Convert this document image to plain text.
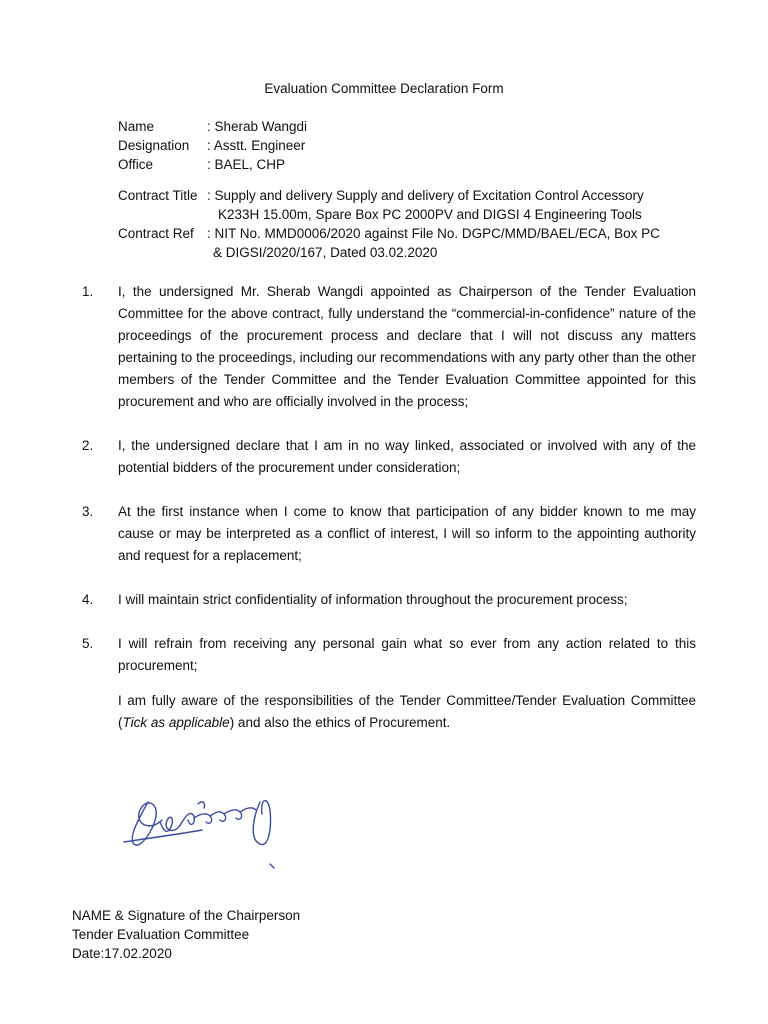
Evaluation Committee Declaration Form
Name	: Sherab Wangdi
Designation	: Asstt. Engineer
Office	: BAEL, CHP
Contract Title : Supply and delivery Supply and delivery of Excitation Control Accessory
K233H 15.00m, Spare Box PC 2000PV and DIGSI 4 Engineering Tools
Contract Ref : NIT No. MMD0006/2020 against File No. DGPC/MMD/BAEL/ECA, Box PC
& DIGSI/2020/167, Dated 03.02.2020
1.	I, the undersigned Mr. Sherab Wangdi appointed as Chairperson of the Tender Evaluation Committee for the above contract, fully understand the “commercial-in-confidence” nature of the proceedings of the procurement process and declare that I will not discuss any matters pertaining to the proceedings, including our recommendations with any party other than the other members of the Tender Committee and the Tender Evaluation Committee appointed for this procurement and who are officially involved in the process;
2.	I, the undersigned declare that I am in no way linked, associated or involved with any of the potential bidders of the procurement under consideration;
3.	At the first instance when I come to know that participation of any bidder known to me may cause or may be interpreted as a conflict of interest, I will so inform to the appointing authority and request for a replacement;
4.	I will maintain strict confidentiality of information throughout the procurement process;
5.	I will refrain from receiving any personal gain what so ever from any action related to this procurement;
I am fully aware of the responsibilities of the Tender Committee/Tender Evaluation Committee (Tick as applicable) and also the ethics of Procurement.
NAME & Signature of the Chairperson
Tender Evaluation Committee
Date:17.02.2020
